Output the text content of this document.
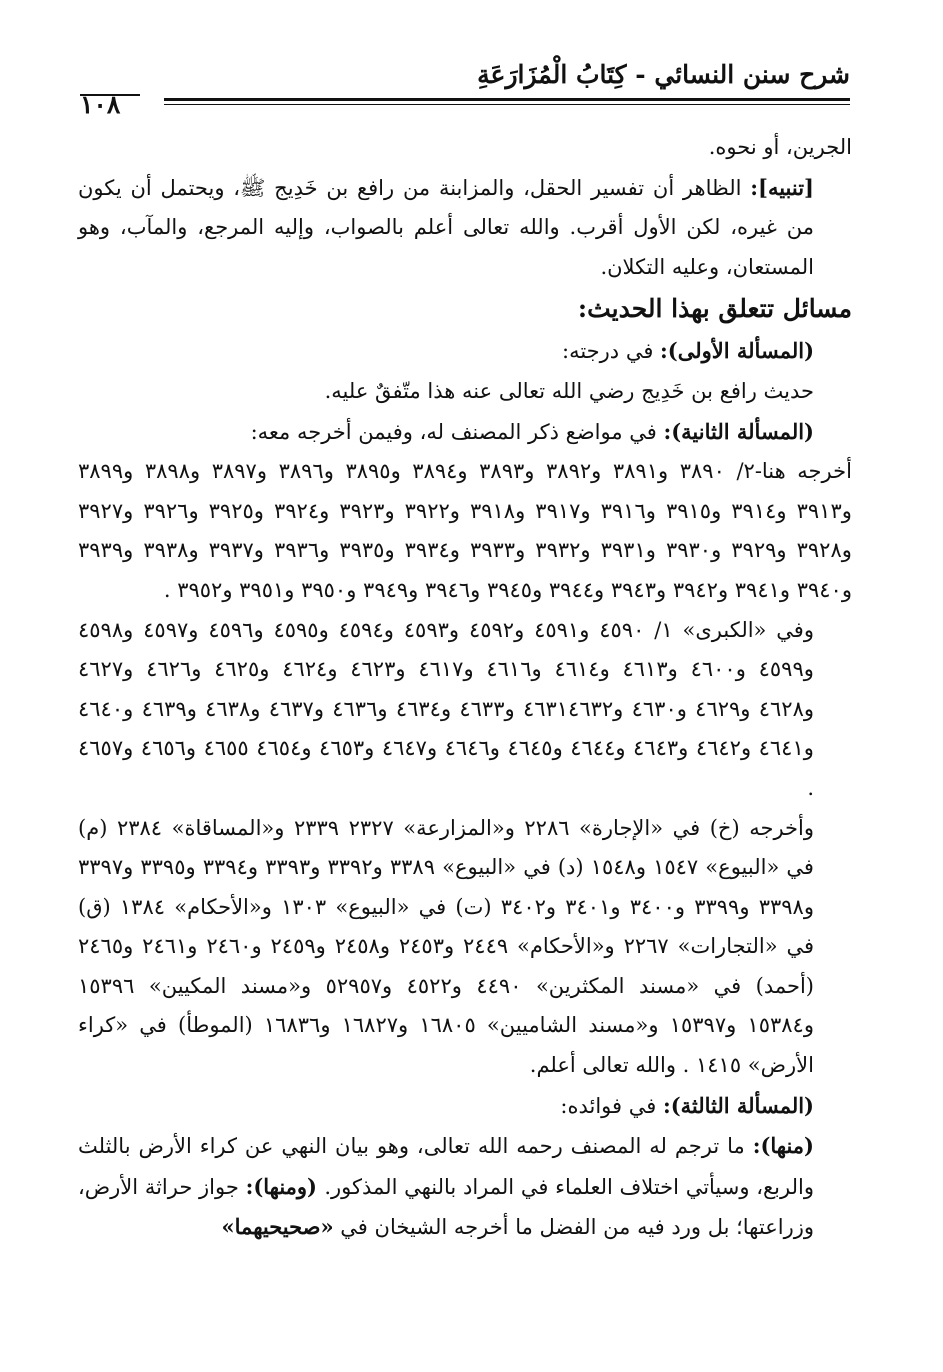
شرح سنن النسائي - كِتَابُ الْمُزَارَعَةِ
١٠٨

الجرين، أو نحوه.

[تنبيه]: الظاهر أن تفسير الحقل، والمزابنة من رافع بن خَدِيج ﷺ، ويحتمل أن يكون من غيره، لكن الأول أقرب. والله تعالى أعلم بالصواب، وإليه المرجع، والمآب، وهو المستعان، وعليه التكلان.

مسائل تتعلق بهذا الحديث:

(المسألة الأولى): في درجته:

حديث رافع بن خَدِيج رضي الله تعالى عنه هذا متّفقٌ عليه.

(المسألة الثانية): في مواضع ذكر المصنف له، وفيمن أخرجه معه:

أخرجه هنا-٢/ ٣٨٩٠ و٣٨٩١ و٣٨٩٢ و٣٨٩٣ و٣٨٩٤ و٣٨٩٥ و٣٨٩٦ و٣٨٩٧ و٣٨٩٨ و٣٨٩٩ و٣٩١٣ و٣٩١٤ و٣٩١٥ و٣٩١٦ و٣٩١٧ و٣٩١٨ و٣٩٢٢ و٣٩٢٣ و٣٩٢٤ و٣٩٢٥ و٣٩٢٦ و٣٩٢٧ و٣٩٢٨ و٣٩٢٩ و٣٩٣٠ و٣٩٣١ و٣٩٣٢ و٣٩٣٣ و٣٩٣٤ و٣٩٣٥ و٣٩٣٦ و٣٩٣٧ و٣٩٣٨ و٣٩٣٩ و٣٩٤٠ و٣٩٤١ و٣٩٤٢ و٣٩٤٣ و٣٩٤٤ و٣٩٤٥ و٣٩٤٦ و٣٩٤٩ و٣٩٥٠ و٣٩٥١ و٣٩٥٢ .

وفي «الكبرى» ١/ ٤٥٩٠ و٤٥٩١ و٤٥٩٢ و٤٥٩٣ و٤٥٩٤ و٤٥٩٥ و٤٥٩٦ و٤٥٩٧ و٤٥٩٨ و٤٥٩٩ و٤٦٠٠ و٤٦١٣ و٤٦١٤ و٤٦١٦ و٤٦١٧ و٤٦٢٣ و٤٦٢٤ و٤٦٢٥ و٤٦٢٦ و٤٦٢٧ و٤٦٢٨ و٤٦٢٩ و٤٦٣٠ و٤٦٣١٤٦٣٢ و٤٦٣٣ و٤٦٣٤ و٤٦٣٦ و٤٦٣٧ و٤٦٣٨ و٤٦٣٩ و٤٦٤٠ و٤٦٤١ و٤٦٤٢ و٤٦٤٣ و٤٦٤٤ و٤٦٤٥ و٤٦٤٦ و٤٦٤٧ و٤٦٥٣ و٤٦٥٤ ٤٦٥٥ و٤٦٥٦ و٤٦٥٧ .

وأخرجه (خ) في «الإجارة» ٢٢٨٦ و«المزارعة» ٢٣٢٧ ٢٣٣٩ و«المساقاة» ٢٣٨٤ (م) في «البيوع» ١٥٤٧ و١٥٤٨ (د) في «البيوع» ٣٣٨٩ و٣٣٩٢ و٣٣٩٣ و٣٣٩٤ و٣٣٩٥ و٣٣٩٧ و٣٣٩٨ و٣٣٩٩ و٣٤٠٠ و٣٤٠١ و٣٤٠٢ (ت) في «البيوع» ١٣٠٣ و«الأحكام» ١٣٨٤ (ق) في «التجارات» ٢٢٦٧ و«الأحكام» ٢٤٤٩ و٢٤٥٣ و٢٤٥٨ و٢٤٥٩ و٢٤٦٠ و٢٤٦١ و٢٤٦٥ (أحمد) في «مسند المكثرين» ٤٤٩٠ و٤٥٢٢ و٥٢٩٥٧ و«مسند المكيين» ١٥٣٩٦ و١٥٣٨٤ و١٥٣٩٧ و«مسند الشاميين» ١٦٨٠٥ و١٦٨٢٧ و١٦٨٣٦ (الموطأ) في «كراء الأرض» ١٤١٥ . والله تعالى أعلم.

(المسألة الثالثة): في فوائده:

(منها): ما ترجم له المصنف رحمه الله تعالى، وهو بيان النهي عن كراء الأرض بالثلث والربع، وسيأتي اختلاف العلماء في المراد بالنهي المذكور. (ومنها): جواز حراثة الأرض، وزراعتها؛ بل ورد فيه من الفضل ما أخرجه الشيخان في «صحيحيهما»
